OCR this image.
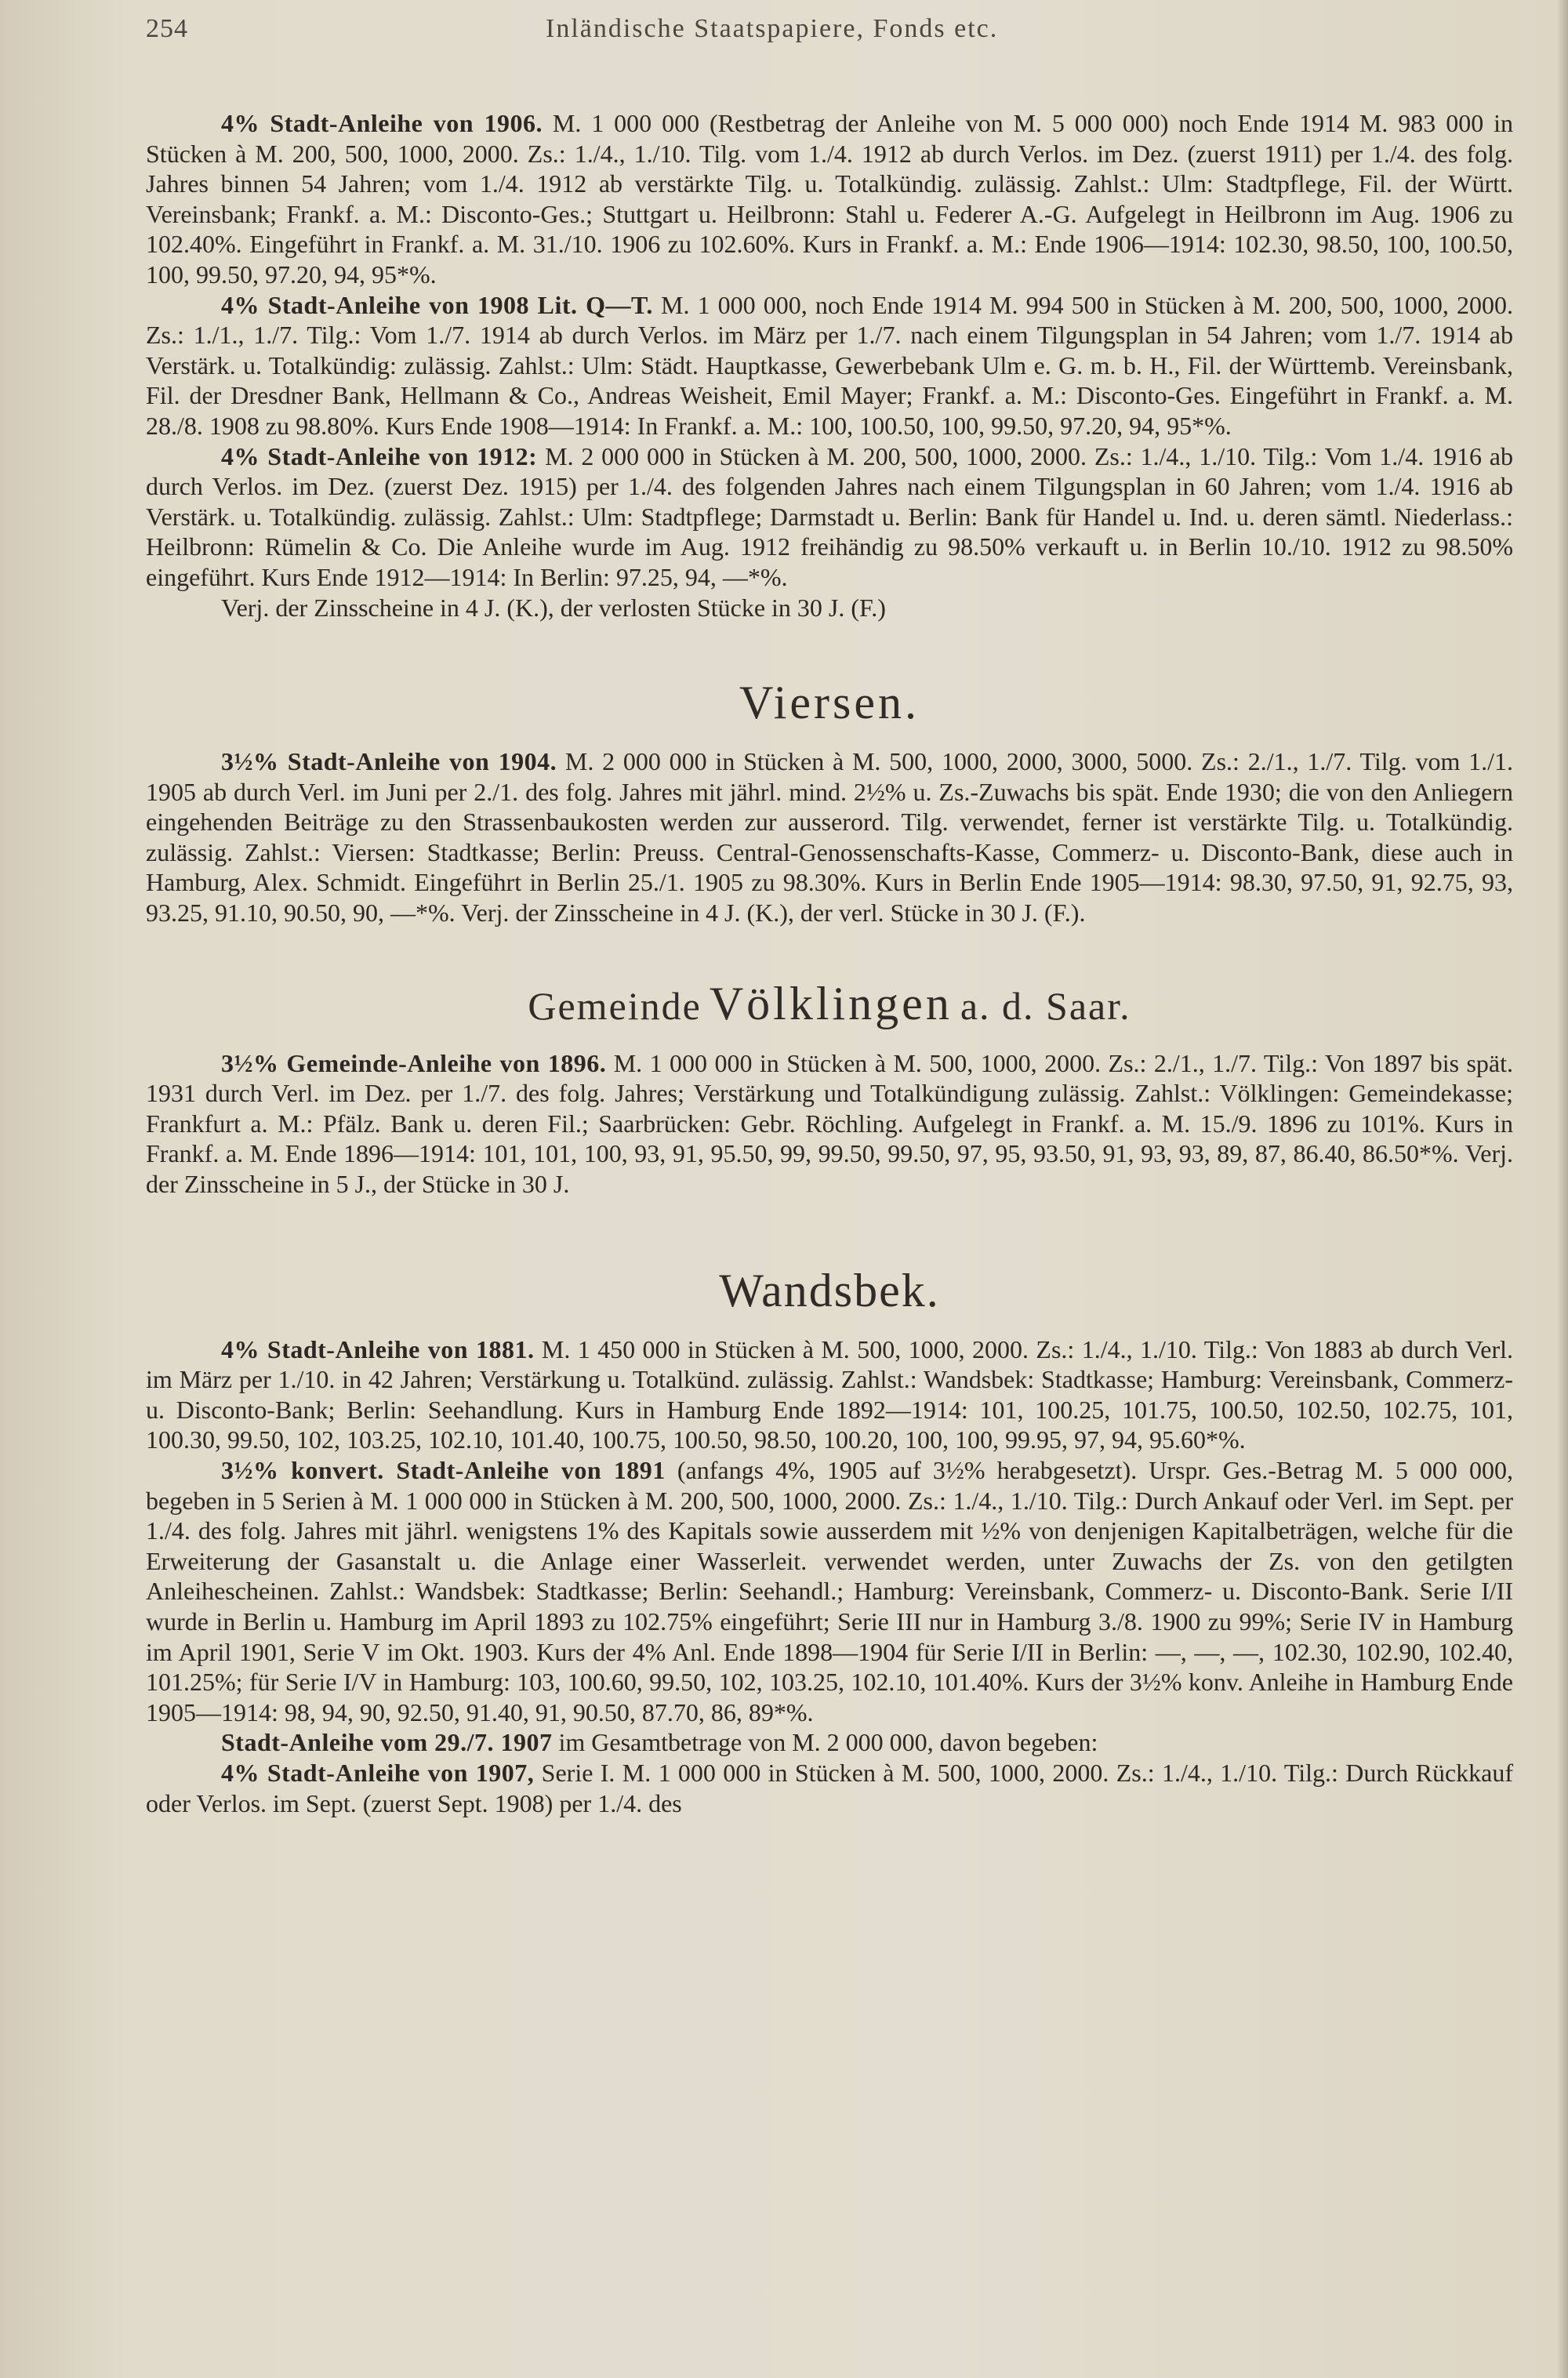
254	Inländische Staatspapiere, Fonds etc.

4% Stadt-Anleihe von 1906. M. 1 000 000 (Restbetrag der Anleihe von M. 5 000 000) noch Ende 1914 M. 983 000 in Stücken à M. 200, 500, 1000, 2000. Zs.: 1./4., 1./10. Tilg. vom 1./4. 1912 ab durch Verlos. im Dez. (zuerst 1911) per 1./4. des folg. Jahres binnen 54 Jahren; vom 1./4. 1912 ab verstärkte Tilg. u. Totalkündig. zulässig. Zahlst.: Ulm: Stadtpflege, Fil. der Württ. Vereinsbank; Frankf. a. M.: Disconto-Ges.; Stuttgart u. Heilbronn: Stahl u. Federer A.-G. Aufgelegt in Heilbronn im Aug. 1906 zu 102.40%. Eingeführt in Frankf. a. M. 31./10. 1906 zu 102.60%. Kurs in Frankf. a. M.: Ende 1906—1914: 102.30, 98.50, 100, 100.50, 100, 99.50, 97.20, 94, 95*%.

4% Stadt-Anleihe von 1908 Lit. Q—T. M. 1 000 000, noch Ende 1914 M. 994 500 in Stücken à M. 200, 500, 1000, 2000. Zs.: 1./1., 1./7. Tilg.: Vom 1./7. 1914 ab durch Verlos. im März per 1./7. nach einem Tilgungsplan in 54 Jahren; vom 1./7. 1914 ab Verstärk. u. Totalkündig: zulässig. Zahlst.: Ulm: Städt. Hauptkasse, Gewerbebank Ulm e. G. m. b. H., Fil. der Württemb. Vereinsbank, Fil. der Dresdner Bank, Hellmann & Co., Andreas Weisheit, Emil Mayer; Frankf. a. M.: Disconto-Ges. Eingeführt in Frankf. a. M. 28./8. 1908 zu 98.80%. Kurs Ende 1908—1914: In Frankf. a. M.: 100, 100.50, 100, 99.50, 97.20, 94, 95*%.

4% Stadt-Anleihe von 1912: M. 2 000 000 in Stücken à M. 200, 500, 1000, 2000. Zs.: 1./4., 1./10. Tilg.: Vom 1./4. 1916 ab durch Verlos. im Dez. (zuerst Dez. 1915) per 1./4. des folgenden Jahres nach einem Tilgungsplan in 60 Jahren; vom 1./4. 1916 ab Verstärk. u. Totalkündig. zulässig. Zahlst.: Ulm: Stadtpflege; Darmstadt u. Berlin: Bank für Handel u. Ind. u. deren sämtl. Niederlass.: Heilbronn: Rümelin & Co. Die Anleihe wurde im Aug. 1912 freihändig zu 98.50% verkauft u. in Berlin 10./10. 1912 zu 98.50% eingeführt. Kurs Ende 1912—1914: In Berlin: 97.25, 94, —*%.

Verj. der Zinsscheine in 4 J. (K.), der verlosten Stücke in 30 J. (F.)

Viersen.

3½% Stadt-Anleihe von 1904. M. 2 000 000 in Stücken à M. 500, 1000, 2000, 3000, 5000. Zs.: 2./1., 1./7. Tilg. vom 1./1. 1905 ab durch Verl. im Juni per 2./1. des folg. Jahres mit jährl. mind. 2½% u. Zs.-Zuwachs bis spät. Ende 1930; die von den Anliegern eingehenden Beiträge zu den Strassenbaukosten werden zur ausserord. Tilg. verwendet, ferner ist verstärkte Tilg. u. Totalkündig. zulässig. Zahlst.: Viersen: Stadtkasse; Berlin: Preuss. Central-Genossenschafts-Kasse, Commerz- u. Disconto-Bank, diese auch in Hamburg, Alex. Schmidt. Eingeführt in Berlin 25./1. 1905 zu 98.30%. Kurs in Berlin Ende 1905—1914: 98.30, 97.50, 91, 92.75, 93, 93.25, 91.10, 90.50, 90, —*%. Verj. der Zinsscheine in 4 J. (K.), der verl. Stücke in 30 J. (F.).

Gemeinde Völklingen a. d. Saar.

3½% Gemeinde-Anleihe von 1896. M. 1 000 000 in Stücken à M. 500, 1000, 2000. Zs.: 2./1., 1./7. Tilg.: Von 1897 bis spät. 1931 durch Verl. im Dez. per 1./7. des folg. Jahres; Verstärkung und Totalkündigung zulässig. Zahlst.: Völklingen: Gemeindekasse; Frankfurt a. M.: Pfälz. Bank u. deren Fil.; Saarbrücken: Gebr. Röchling. Aufgelegt in Frankf. a. M. 15./9. 1896 zu 101%. Kurs in Frankf. a. M. Ende 1896—1914: 101, 101, 100, 93, 91, 95.50, 99, 99.50, 99.50, 97, 95, 93.50, 91, 93, 93, 89, 87, 86.40, 86.50*%. Verj. der Zinsscheine in 5 J., der Stücke in 30 J.

Wandsbek.

4% Stadt-Anleihe von 1881. M. 1 450 000 in Stücken à M. 500, 1000, 2000. Zs.: 1./4., 1./10. Tilg.: Von 1883 ab durch Verl. im März per 1./10. in 42 Jahren; Verstärkung u. Totalkünd. zulässig. Zahlst.: Wandsbek: Stadtkasse; Hamburg: Vereinsbank, Commerz- u. Disconto-Bank; Berlin: Seehandlung. Kurs in Hamburg Ende 1892—1914: 101, 100.25, 101.75, 100.50, 102.50, 102.75, 101, 100.30, 99.50, 102, 103.25, 102.10, 101.40, 100.75, 100.50, 98.50, 100.20, 100, 100, 99.95, 97, 94, 95.60*%.

3½% konvert. Stadt-Anleihe von 1891 (anfangs 4%, 1905 auf 3½% herabgesetzt). Urspr. Ges.-Betrag M. 5 000 000, begeben in 5 Serien à M. 1 000 000 in Stücken à M. 200, 500, 1000, 2000. Zs.: 1./4., 1./10. Tilg.: Durch Ankauf oder Verl. im Sept. per 1./4. des folg. Jahres mit jährl. wenigstens 1% des Kapitals sowie ausserdem mit ½% von denjenigen Kapitalbeträgen, welche für die Erweiterung der Gasanstalt u. die Anlage einer Wasserleit. verwendet werden, unter Zuwachs der Zs. von den getilgten Anleihescheinen. Zahlst.: Wandsbek: Stadtkasse; Berlin: Seehandl.; Hamburg: Vereinsbank, Commerz- u. Disconto-Bank. Serie I/II wurde in Berlin u. Hamburg im April 1893 zu 102.75% eingeführt; Serie III nur in Hamburg 3./8. 1900 zu 99%; Serie IV in Hamburg im April 1901, Serie V im Okt. 1903. Kurs der 4% Anl. Ende 1898—1904 für Serie I/II in Berlin: —, —, —, 102.30, 102.90, 102.40, 101.25%; für Serie I/V in Hamburg: 103, 100.60, 99.50, 102, 103.25, 102.10, 101.40%. Kurs der 3½% konv. Anleihe in Hamburg Ende 1905—1914: 98, 94, 90, 92.50, 91.40, 91, 90.50, 87.70, 86, 89*%.

Stadt-Anleihe vom 29./7. 1907 im Gesamtbetrage von M. 2 000 000, davon begeben:

4% Stadt-Anleihe von 1907, Serie I. M. 1 000 000 in Stücken à M. 500, 1000, 2000. Zs.: 1./4., 1./10. Tilg.: Durch Rückkauf oder Verlos. im Sept. (zuerst Sept. 1908) per 1./4. des
